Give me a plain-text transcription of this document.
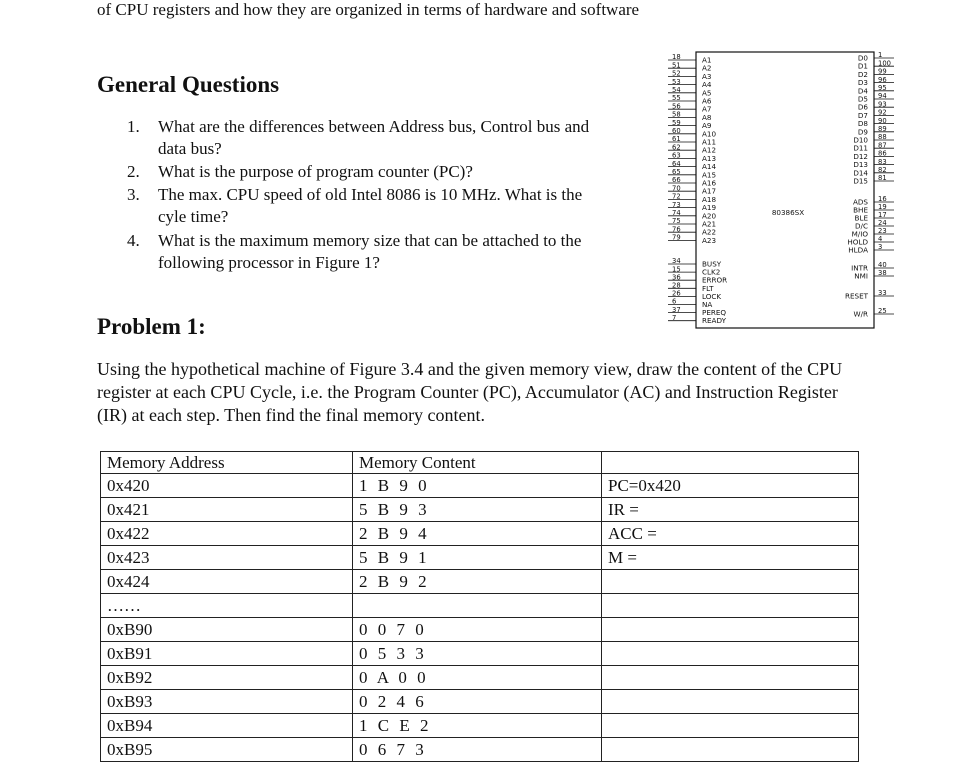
of CPU registers and how they are organized in terms of hardware and software
General Questions
1.	What are the differences between Address bus, Control bus and
data bus?
2.	What is the purpose of program counter (PC)?
3.	The max. CPU speed of old Intel 8086 is 10 MHz. What is the
cyle time?
4.	What is the maximum memory size that can be attached to the
following processor in Figure 1?
80386SX
18	A1
51	A2
52	A3
53	A4
54	A5
55	A6
56	A7
58	A8
59	A9
60	A10
61	A11
62	A12
63	A13
64	A14
65	A15
66	A16
70	A17
72	A18
73	A19
74	A20
75	A21
76	A22
79	A23
34	BUSY
15	CLK2
36	ERROR
28	FLT
26	LOCK
6	NA
37	PEREQ
7	READY
1
D0
100
D1
99
D2
96
D3
95
D4
94
D5
93
D6
92
D7
90
D8
89
D9
88
D10
87
D11
86
D12
83
D13
82
D14
81
D15
16
ADS
19
BHE
17
BLE
24
D/C
23
M/IO
4
HOLD
3
HLDA
40
INTR
38
NMI
33
RESET
25
W/R
Problem 1:
Using the hypothetical machine of Figure 3.4 and the given memory view, draw the content of the CPU register at each CPU Cycle, i.e. the Program Counter (PC), Accumulator (AC) and Instruction Register (IR) at each step. Then find the final memory content.
Memory Address	Memory Content	
0x420	1 B 9 0	PC=0x420
0x421	5 B 9 3	IR =
0x422	2 B 9 4	ACC =
0x423	5 B 9 1	M =
0x424	2 B 9 2	
……		
0xB90	0 0 7 0	
0xB91	0 5 3 3	
0xB92	0 A 0 0	
0xB93	0 2 4 6	
0xB94	1 C E 2	
0xB95	0 6 7 3	
